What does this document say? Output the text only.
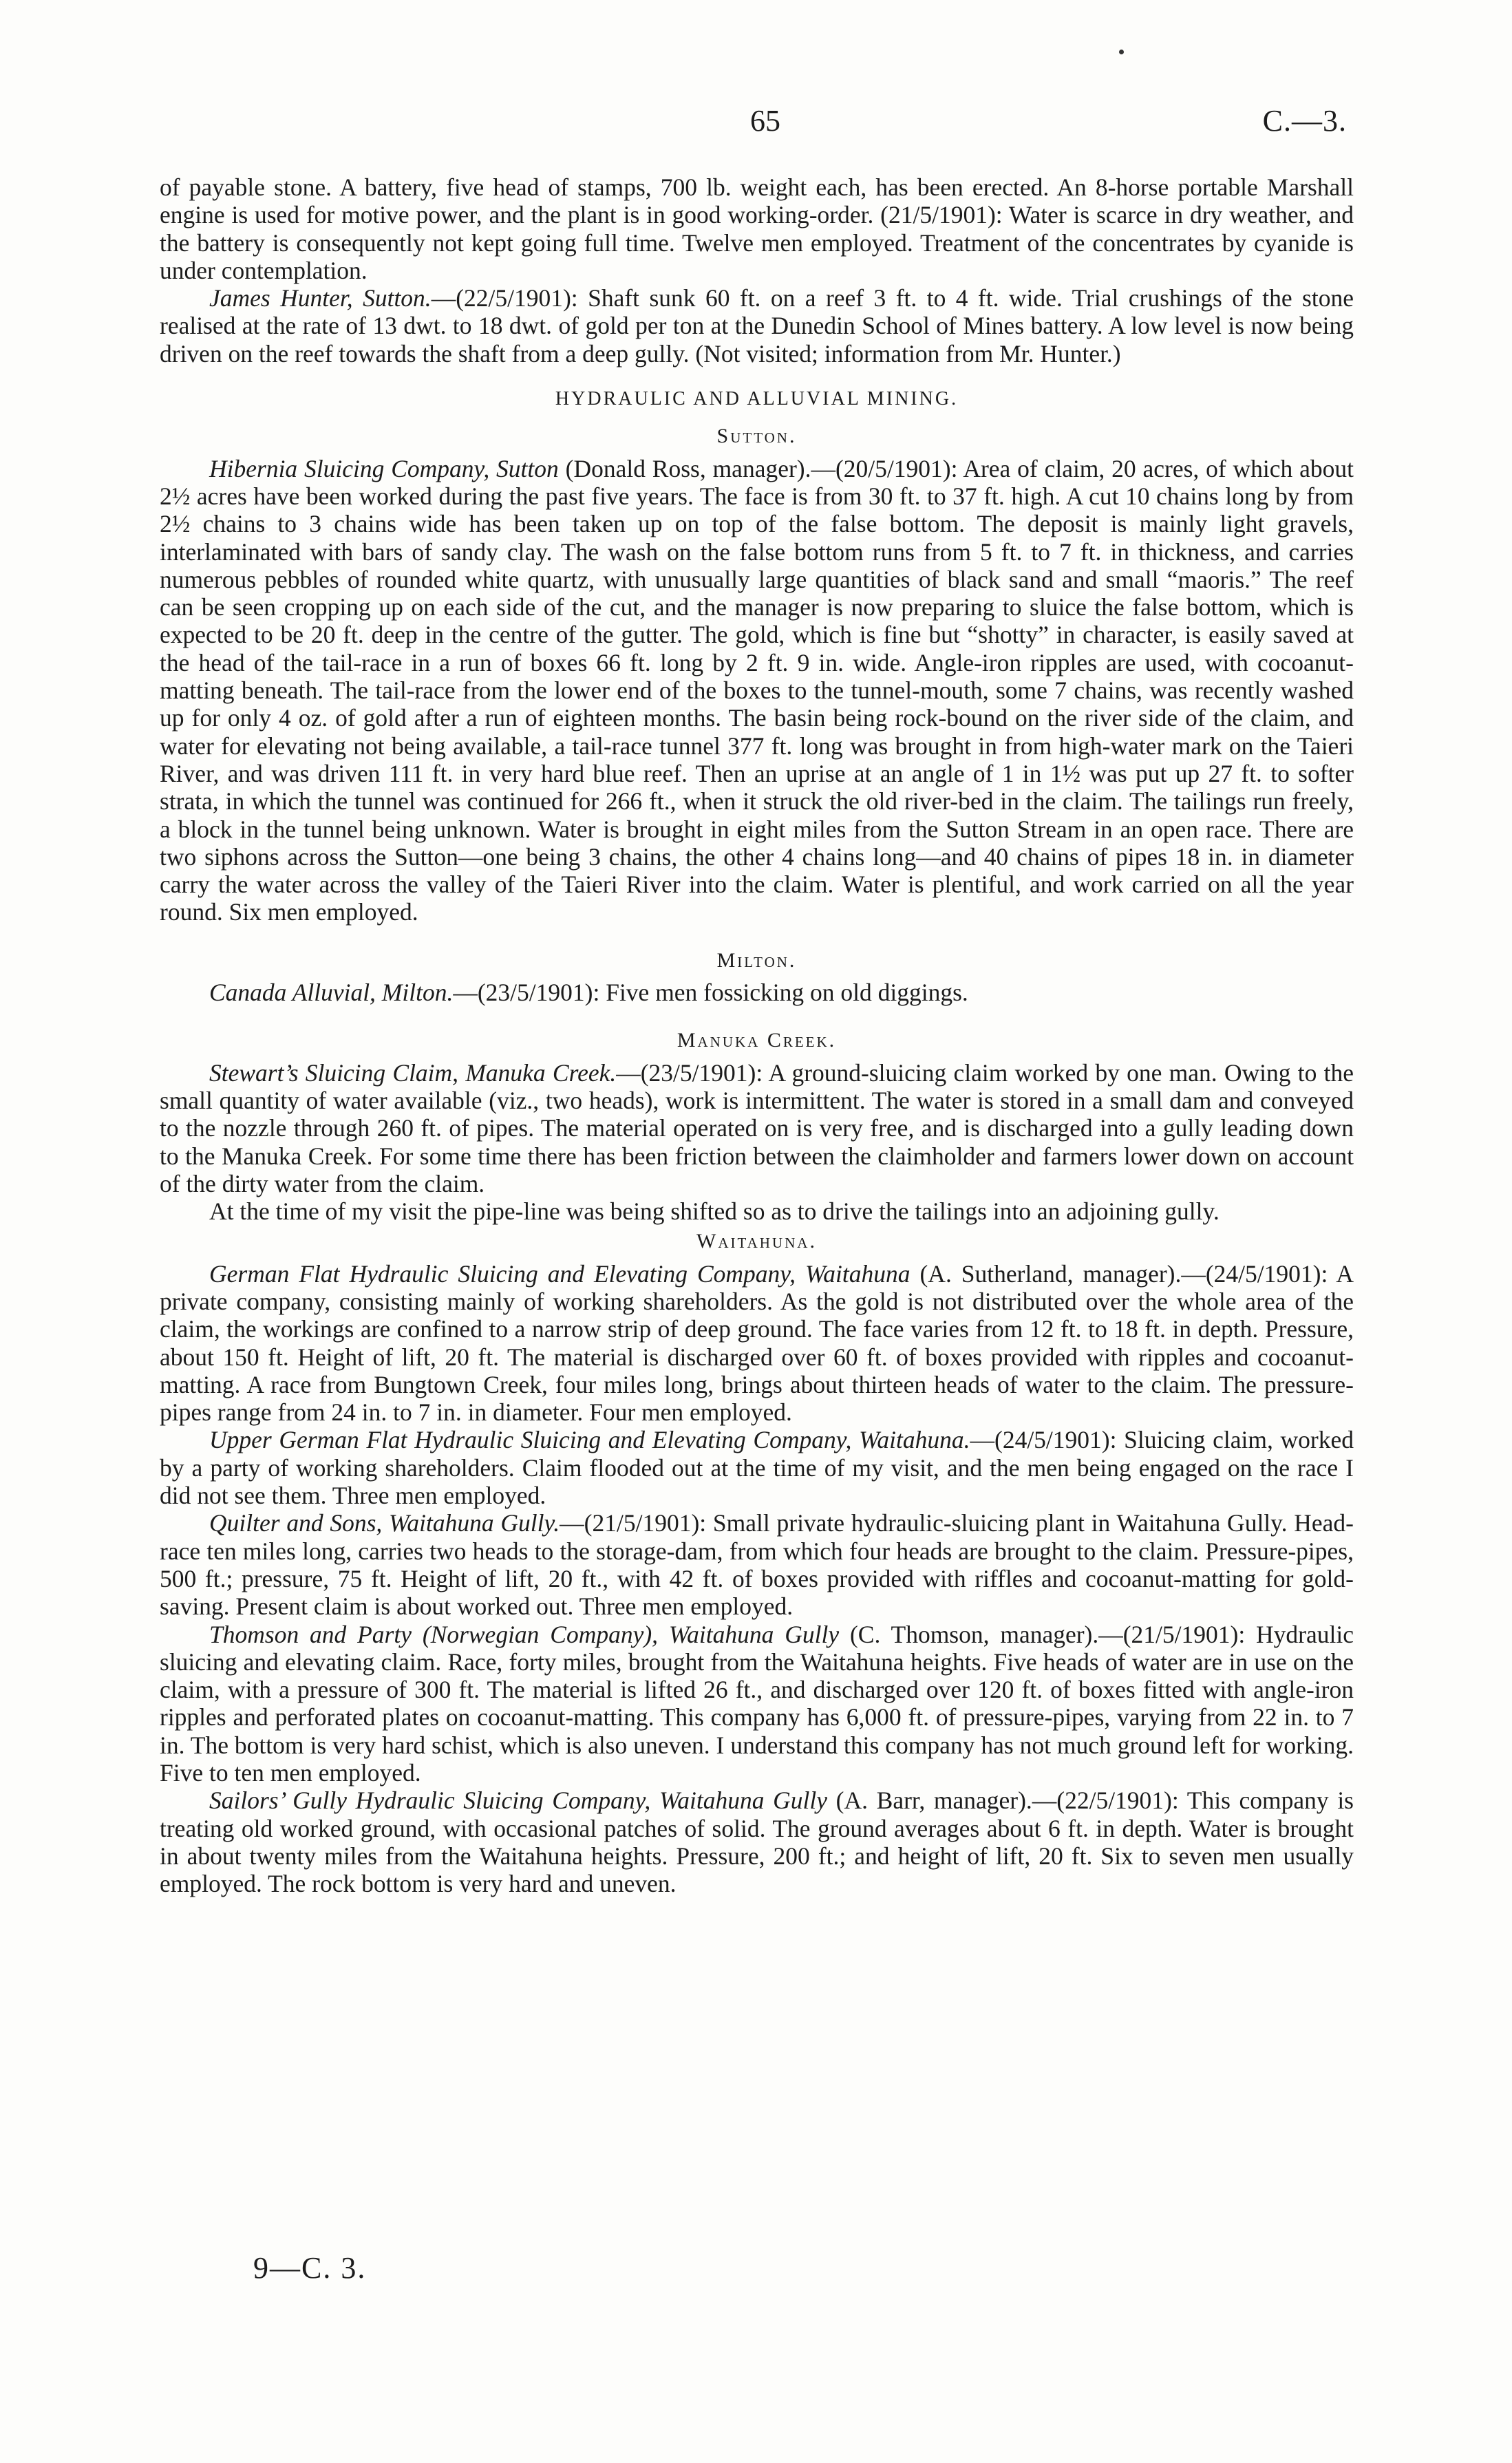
65	C.—3.

of payable stone. A battery, five head of stamps, 700 lb. weight each, has been erected. An 8-horse portable Marshall engine is used for motive power, and the plant is in good working-order. (21/5/1901): Water is scarce in dry weather, and the battery is consequently not kept going full time. Twelve men employed. Treatment of the concentrates by cyanide is under contemplation.

James Hunter, Sutton.—(22/5/1901): Shaft sunk 60 ft. on a reef 3 ft. to 4 ft. wide. Trial crushings of the stone realised at the rate of 13 dwt. to 18 dwt. of gold per ton at the Dunedin School of Mines battery. A low level is now being driven on the reef towards the shaft from a deep gully. (Not visited; information from Mr. Hunter.)

HYDRAULIC AND ALLUVIAL MINING.
Sutton.

Hibernia Sluicing Company, Sutton (Donald Ross, manager).—(20/5/1901): Area of claim, 20 acres, of which about 2½ acres have been worked during the past five years. The face is from 30 ft. to 37 ft. high. A cut 10 chains long by from 2½ chains to 3 chains wide has been taken up on top of the false bottom. The deposit is mainly light gravels, interlaminated with bars of sandy clay. The wash on the false bottom runs from 5 ft. to 7 ft. in thickness, and carries numerous pebbles of rounded white quartz, with unusually large quantities of black sand and small “maoris.” The reef can be seen cropping up on each side of the cut, and the manager is now preparing to sluice the false bottom, which is expected to be 20 ft. deep in the centre of the gutter. The gold, which is fine but “shotty” in character, is easily saved at the head of the tail-race in a run of boxes 66 ft. long by 2 ft. 9 in. wide. Angle-iron ripples are used, with cocoanut-matting beneath. The tail-race from the lower end of the boxes to the tunnel-mouth, some 7 chains, was recently washed up for only 4 oz. of gold after a run of eighteen months. The basin being rock-bound on the river side of the claim, and water for elevating not being available, a tail-race tunnel 377 ft. long was brought in from high-water mark on the Taieri River, and was driven 111 ft. in very hard blue reef. Then an uprise at an angle of 1 in 1½ was put up 27 ft. to softer strata, in which the tunnel was continued for 266 ft., when it struck the old river-bed in the claim. The tailings run freely, a block in the tunnel being unknown. Water is brought in eight miles from the Sutton Stream in an open race. There are two siphons across the Sutton—one being 3 chains, the other 4 chains long—and 40 chains of pipes 18 in. in diameter carry the water across the valley of the Taieri River into the claim. Water is plentiful, and work carried on all the year round. Six men employed.

Milton.

Canada Alluvial, Milton.—(23/5/1901): Five men fossicking on old diggings.

Manuka Creek.

Stewart’s Sluicing Claim, Manuka Creek.—(23/5/1901): A ground-sluicing claim worked by one man. Owing to the small quantity of water available (viz., two heads), work is intermittent. The water is stored in a small dam and conveyed to the nozzle through 260 ft. of pipes. The material operated on is very free, and is discharged into a gully leading down to the Manuka Creek. For some time there has been friction between the claimholder and farmers lower down on account of the dirty water from the claim.

At the time of my visit the pipe-line was being shifted so as to drive the tailings into an adjoining gully.

Waitahuna.

German Flat Hydraulic Sluicing and Elevating Company, Waitahuna (A. Sutherland, manager).—(24/5/1901): A private company, consisting mainly of working shareholders. As the gold is not distributed over the whole area of the claim, the workings are confined to a narrow strip of deep ground. The face varies from 12 ft. to 18 ft. in depth. Pressure, about 150 ft. Height of lift, 20 ft. The material is discharged over 60 ft. of boxes provided with ripples and cocoanut-matting. A race from Bungtown Creek, four miles long, brings about thirteen heads of water to the claim. The pressure-pipes range from 24 in. to 7 in. in diameter. Four men employed.

Upper German Flat Hydraulic Sluicing and Elevating Company, Waitahuna.—(24/5/1901): Sluicing claim, worked by a party of working shareholders. Claim flooded out at the time of my visit, and the men being engaged on the race I did not see them. Three men employed.

Quilter and Sons, Waitahuna Gully.—(21/5/1901): Small private hydraulic-sluicing plant in Waitahuna Gully. Head-race ten miles long, carries two heads to the storage-dam, from which four heads are brought to the claim. Pressure-pipes, 500 ft.; pressure, 75 ft. Height of lift, 20 ft., with 42 ft. of boxes provided with riffles and cocoanut-matting for gold-saving. Present claim is about worked out. Three men employed.

Thomson and Party (Norwegian Company), Waitahuna Gully (C. Thomson, manager).—(21/5/1901): Hydraulic sluicing and elevating claim. Race, forty miles, brought from the Waitahuna heights. Five heads of water are in use on the claim, with a pressure of 300 ft. The material is lifted 26 ft., and discharged over 120 ft. of boxes fitted with angle-iron ripples and perforated plates on cocoanut-matting. This company has 6,000 ft. of pressure-pipes, varying from 22 in. to 7 in. The bottom is very hard schist, which is also uneven. I understand this company has not much ground left for working. Five to ten men employed.

Sailors’ Gully Hydraulic Sluicing Company, Waitahuna Gully (A. Barr, manager).—(22/5/1901): This company is treating old worked ground, with occasional patches of solid. The ground averages about 6 ft. in depth. Water is brought in about twenty miles from the Waitahuna heights. Pressure, 200 ft.; and height of lift, 20 ft. Six to seven men usually employed. The rock bottom is very hard and uneven.

9—C. 3.
